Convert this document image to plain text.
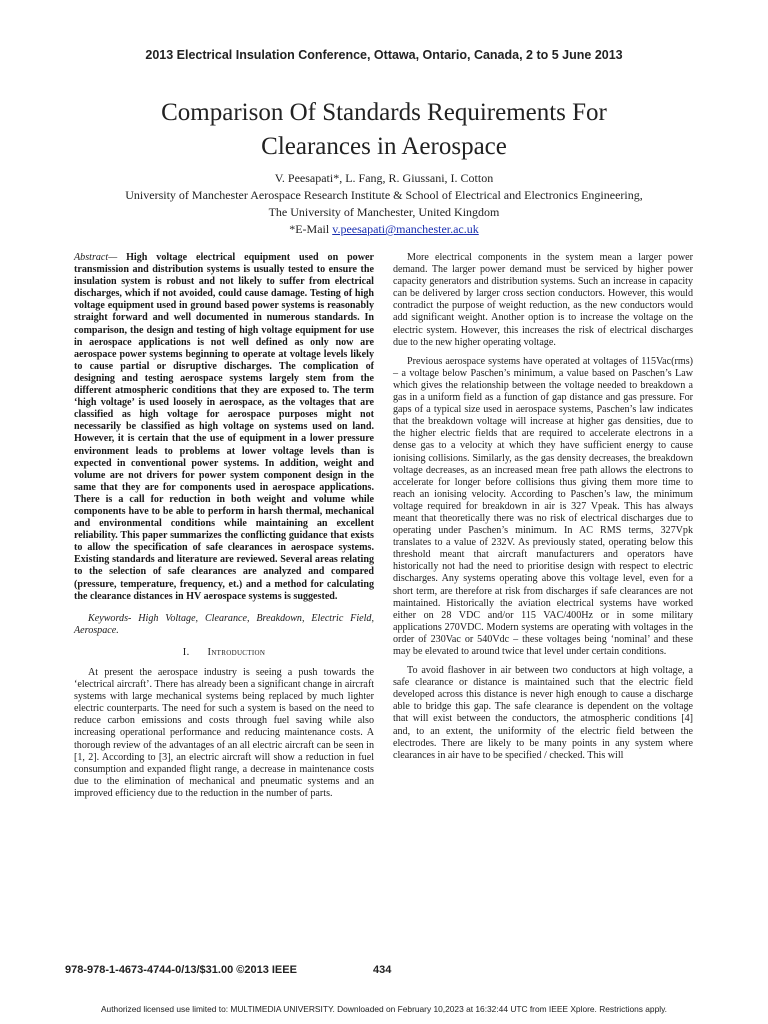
2013 Electrical Insulation Conference, Ottawa, Ontario, Canada, 2 to 5 June 2013
Comparison Of Standards Requirements For
Clearances in Aerospace
V. Peesapati*, L. Fang, R. Giussani, I. Cotton
University of Manchester Aerospace Research Institute & School of Electrical and Electronics Engineering,
The University of Manchester, United Kingdom
*E-Mail v.peesapati@manchester.ac.uk

Abstract— High voltage electrical equipment used on power transmission and distribution systems is usually tested to ensure the insulation system is robust and not likely to suffer from electrical discharges, which if not avoided, could cause damage. Testing of high voltage equipment used in ground based power systems is reasonably straight forward and well documented in numerous standards. In comparison, the design and testing of high voltage equipment for use in aerospace applications is not well defined as only now are aerospace power systems beginning to operate at voltage levels likely to cause partial or disruptive discharges. The complication of designing and testing aerospace systems largely stem from the different atmospheric conditions that they are exposed to. The term ‘high voltage’ is used loosely in aerospace, as the voltages that are classified as high voltage for aerospace purposes might not necessarily be classified as high voltage on systems used on land. However, it is certain that the use of equipment in a lower pressure environment leads to problems at lower voltage levels than is expected in conventional power systems. In addition, weight and volume are not drivers for power system component design in the same that they are for components used in aerospace applications. There is a call for reduction in both weight and volume while components have to be able to perform in harsh thermal, mechanical and environmental conditions while maintaining an excellent reliability. This paper summarizes the conflicting guidance that exists to allow the specification of safe clearances in aerospace systems. Existing standards and literature are reviewed. Several areas relating to the selection of safe clearances are analyzed and compared (pressure, temperature, frequency, et.) and a method for calculating the clearance distances in HV aerospace systems is suggested.

Keywords- High Voltage, Clearance, Breakdown, Electric Field, Aerospace.

I. Introduction

At present the aerospace industry is seeing a push towards the ‘electrical aircraft’. There has already been a significant change in aircraft systems with large mechanical systems being replaced by much lighter electric counterparts. The need for such a system is based on the need to reduce carbon emissions and costs through fuel saving while also increasing operational performance and reducing maintenance costs. A thorough review of the advantages of an all electric aircraft can be seen in [1, 2]. According to [3], an electric aircraft will show a reduction in fuel consumption and expanded flight range, a decrease in maintenance costs due to the elimination of mechanical and pneumatic systems and an improved efficiency due to the reduction in the number of parts.

More electrical components in the system mean a larger power demand. The larger power demand must be serviced by higher power capacity generators and distribution systems. Such an increase in capacity can be delivered by larger cross section conductors. However, this would contradict the purpose of weight reduction, as the new conductors would add significant weight. Another option is to increase the voltage on the electric system. However, this increases the risk of electrical discharges due to the new higher operating voltage.

Previous aerospace systems have operated at voltages of 115Vac(rms) – a voltage below Paschen’s minimum, a value based on Paschen’s Law which gives the relationship between the voltage needed to breakdown a gas in a uniform field as a function of gap distance and gas pressure. For gaps of a typical size used in aerospace systems, Paschen’s law indicates that the breakdown voltage will increase at higher gas densities, due to the higher electric fields that are required to accelerate electrons in a dense gas to a velocity at which they have sufficient energy to cause ionising collisions. Similarly, as the gas density decreases, the breakdown voltage decreases, as an increased mean free path allows the electrons to accelerate for longer before collisions thus giving them more time to reach an ionising velocity. According to Paschen’s law, the minimum voltage required for breakdown in air is 327 Vpeak. This has always meant that theoretically there was no risk of electrical discharges due to operating under Paschen’s minimum. In AC RMS terms, 327Vpk translates to a value of 232V. As previously stated, operating below this threshold meant that aircraft manufacturers and operators have historically not had the need to prioritise design with respect to electric discharges. Any systems operating above this voltage level, even for a short term, are therefore at risk from discharges if safe clearances are not maintained. Historically the aviation electrical systems have worked either on 28 VDC and/or 115 VAC/400Hz or in some military applications 270VDC. Modern systems are operating with voltages in the order of 230Vac or 540Vdc – these voltages being ‘nominal’ and these may be elevated to around twice that level under certain conditions.

To avoid flashover in air between two conductors at high voltage, a safe clearance or distance is maintained such that the electric field developed across this distance is never high enough to cause a discharge able to bridge this gap. The safe clearance is dependent on the voltage that will exist between the conductors, the atmospheric conditions [4] and, to an extent, the uniformity of the electric field between the electrodes. There are likely to be many points in any system where clearances in air have to be specified / checked. This will

978-978-1-4673-4744-0/13/$31.00 ©2013 IEEE	434
Authorized licensed use limited to: MULTIMEDIA UNIVERSITY. Downloaded on February 10,2023 at 16:32:44 UTC from IEEE Xplore. Restrictions apply.
